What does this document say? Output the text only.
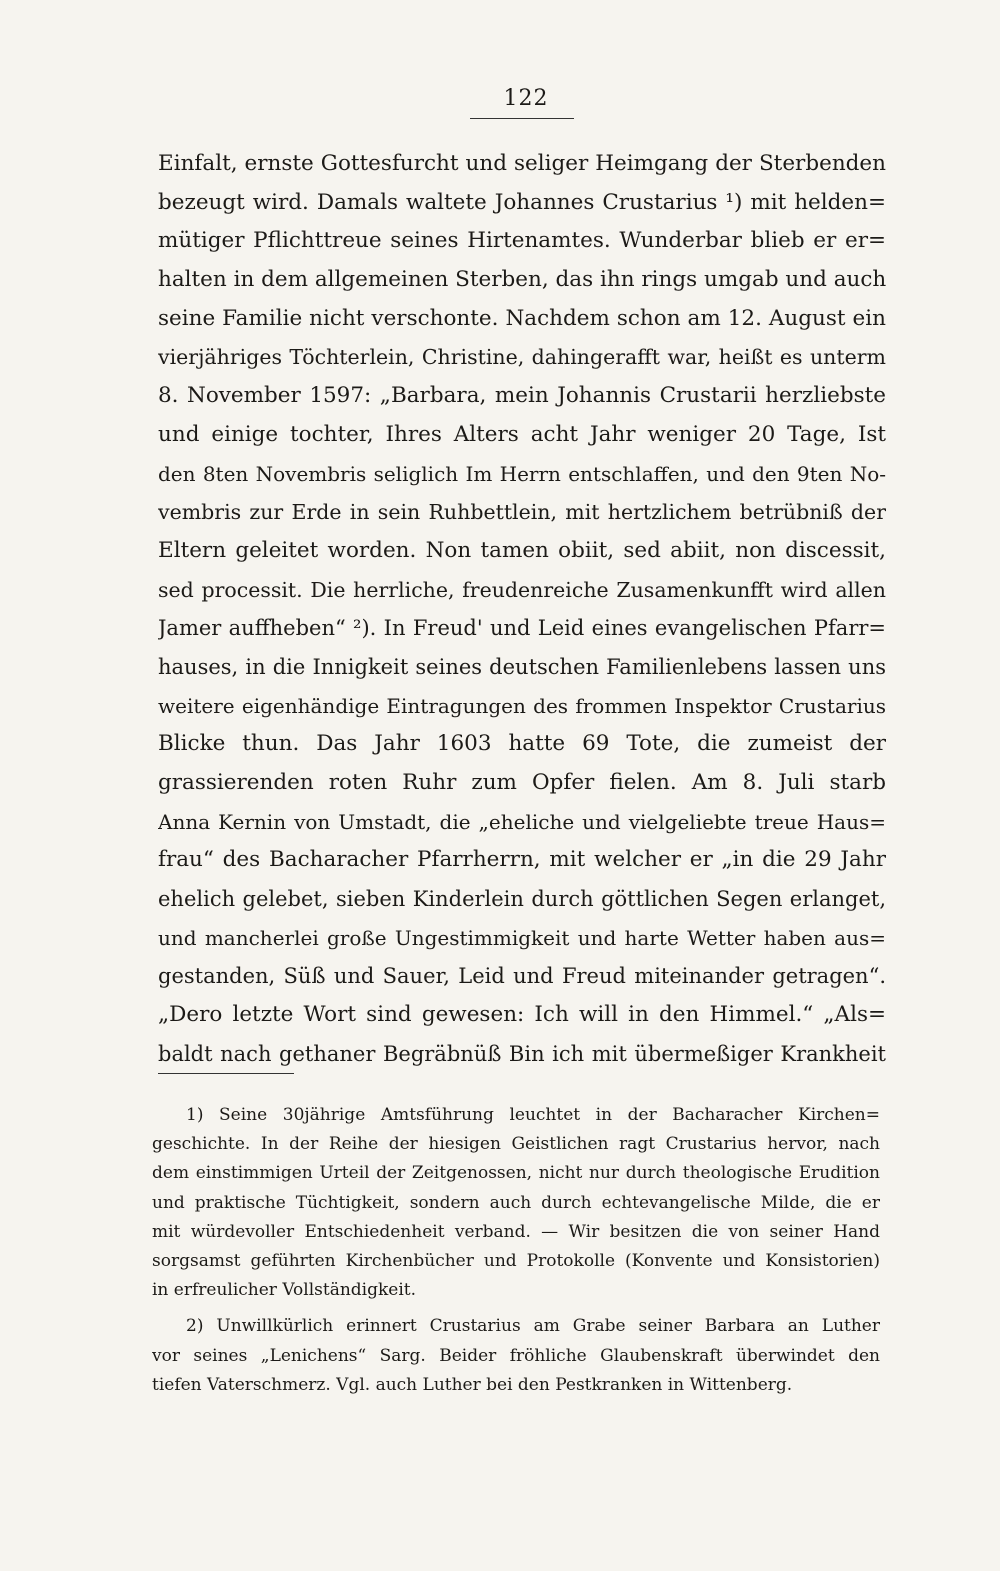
122
Einfalt, ernste Gottesfurcht und seliger Heimgang der Sterbenden
bezeugt wird. Damals waltete Johannes Crustarius ¹) mit helden=
mütiger Pflichttreue seines Hirtenamtes. Wunderbar blieb er er=
halten in dem allgemeinen Sterben, das ihn rings umgab und auch
seine Familie nicht verschonte. Nachdem schon am 12. August ein
vierjähriges Töchterlein, Christine, dahingerafft war, heißt es unterm
8. November 1597: „Barbara, mein Johannis Crustarii herzliebste
und einige tochter, Ihres Alters acht Jahr weniger 20 Tage, Ist
den 8ten Novembris seliglich Im Herrn entschlaffen, und den 9ten No-
vembris zur Erde in sein Ruhbettlein, mit hertzlichem betrübniß der
Eltern geleitet worden. Non tamen obiit, sed abiit, non discessit,
sed processit. Die herrliche, freudenreiche Zusamenkunfft wird allen
Jamer auffheben“ ²). In Freud' und Leid eines evangelischen Pfarr=
hauses, in die Innigkeit seines deutschen Familienlebens lassen uns
weitere eigenhändige Eintragungen des frommen Inspektor Crustarius
Blicke thun. Das Jahr 1603 hatte 69 Tote, die zumeist der
grassierenden roten Ruhr zum Opfer fielen. Am 8. Juli starb
Anna Kernin von Umstadt, die „eheliche und vielgeliebte treue Haus=
frau“ des Bacharacher Pfarrherrn, mit welcher er „in die 29 Jahr
ehelich gelebet, sieben Kinderlein durch göttlichen Segen erlanget,
und mancherlei große Ungestimmigkeit und harte Wetter haben aus=
gestanden, Süß und Sauer, Leid und Freud miteinander getragen“.
„Dero letzte Wort sind gewesen: Ich will in den Himmel.“ „Als=
baldt nach gethaner Begräbnüß Bin ich mit übermeßiger Krankheit
1) Seine 30jährige Amtsführung leuchtet in der Bacharacher Kirchen=
geschichte. In der Reihe der hiesigen Geistlichen ragt Crustarius hervor, nach
dem einstimmigen Urteil der Zeitgenossen, nicht nur durch theologische Erudition
und praktische Tüchtigkeit, sondern auch durch echtevangelische Milde, die er
mit würdevoller Entschiedenheit verband. — Wir besitzen die von seiner Hand
sorgsamst geführten Kirchenbücher und Protokolle (Konvente und Konsistorien)
in erfreulicher Vollständigkeit.
2) Unwillkürlich erinnert Crustarius am Grabe seiner Barbara an Luther
vor seines „Lenichens“ Sarg. Beider fröhliche Glaubenskraft überwindet den
tiefen Vaterschmerz. Vgl. auch Luther bei den Pestkranken in Wittenberg.
